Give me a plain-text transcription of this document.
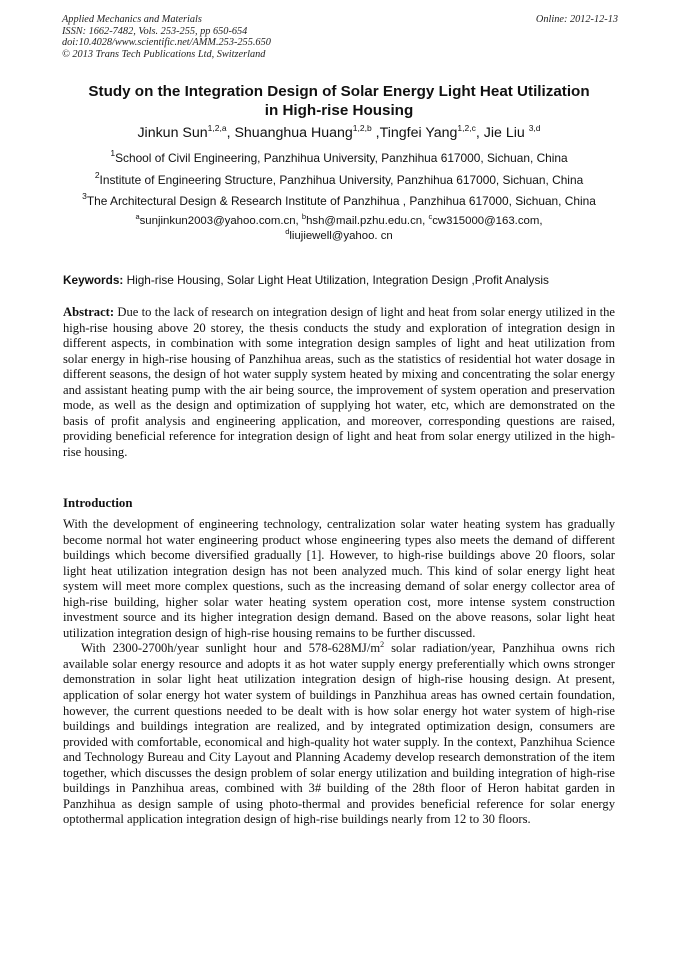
Applied Mechanics and Materials	Online: 2012-12-13
ISSN: 1662-7482, Vols. 253-255, pp 650-654
doi:10.4028/www.scientific.net/AMM.253-255.650
© 2013 Trans Tech Publications Ltd, Switzerland
Study on the Integration Design of Solar Energy Light Heat Utilization
in High-rise Housing
Jinkun Sun$^{1,2,a}$, Shuanghua Huang$^{1,2,b}$ ,Tingfei Yang$^{1,2,c}$, Jie Liu $^{3,d}$
$^1$School of Civil Engineering, Panzhihua University, Panzhihua 617000, Sichuan, China
$^2$Institute of Engineering Structure, Panzhihua University, Panzhihua 617000, Sichuan, China
$^3$The Architectural Design & Research Institute of Panzhihua , Panzhihua 617000, Sichuan, China
$^a$sunjinkun2003@yahoo.com.cn, $^b$hsh@mail.pzhu.edu.cn, $^c$cw315000@163.com,
$^d$liujiewell@yahoo. cn
Keywords: High-rise Housing, Solar Light Heat Utilization, Integration Design ,Profit Analysis
Abstract: Due to the lack of research on integration design of light and heat from solar energy utilized in the high-rise housing above 20 storey, the thesis conducts the study and exploration of integration design in different aspects, in combination with some integration design samples of light and heat utilization from solar energy in high-rise housing of Panzhihua areas, such as the statistics of residential hot water dosage in different seasons, the design of hot water supply system heated by mixing and concentrating the solar energy and assistant heating pump with the air being source, the improvement of system operation and preservation mode, as well as the design and optimization of supplying hot water, etc, which are demonstrated on the basis of profit analysis and engineering application, and moreover, corresponding questions are raised, providing beneficial reference for integration design of light and heat from solar energy utilized in the high-rise housing.
Introduction
With the development of engineering technology, centralization solar water heating system has gradually become normal hot water engineering product whose engineering types also meets the demand of different buildings which become diversified gradually [1]. However, to high-rise buildings above 20 floors, solar light heat utilization integration design has not been analyzed much. This kind of solar energy light heat system will meet more complex questions, such as the increasing demand of solar energy collector area of high-rise building, higher solar water heating system operation cost, more intense system construction investment source and its higher integration design demand. Based on the above reasons, solar light heat utilization integration design of high-rise housing remains to be further discussed.
With 2300-2700h/year sunlight hour and $578-628MJ/m^2$ solar radiation/year, Panzhihua owns rich available solar energy resource and adopts it as hot water supply energy preferentially which owns stronger demonstration in solar light heat utilization integration design of high-rise housing design. At present, application of solar energy hot water system of buildings in Panzhihua areas has owned certain foundation, however, the current questions needed to be dealt with is how solar energy hot water system of high-rise buildings and buildings integration are realized, and by integrated optimization design, consumers are provided with comfortable, economical and high-quality hot water supply. In the context, Panzhihua Science and Technology Bureau and City Layout and Planning Academy develop research demonstration of the item together, which discusses the design problem of solar energy utilization and building integration of high-rise buildings in Panzhihua areas, combined with 3# building of the 28th floor of Heron habitat garden in Panzhihua as design sample of using photo-thermal and provides beneficial reference for solar energy optothermal application integration design of high-rise buildings nearly from 12 to 30 floors.
